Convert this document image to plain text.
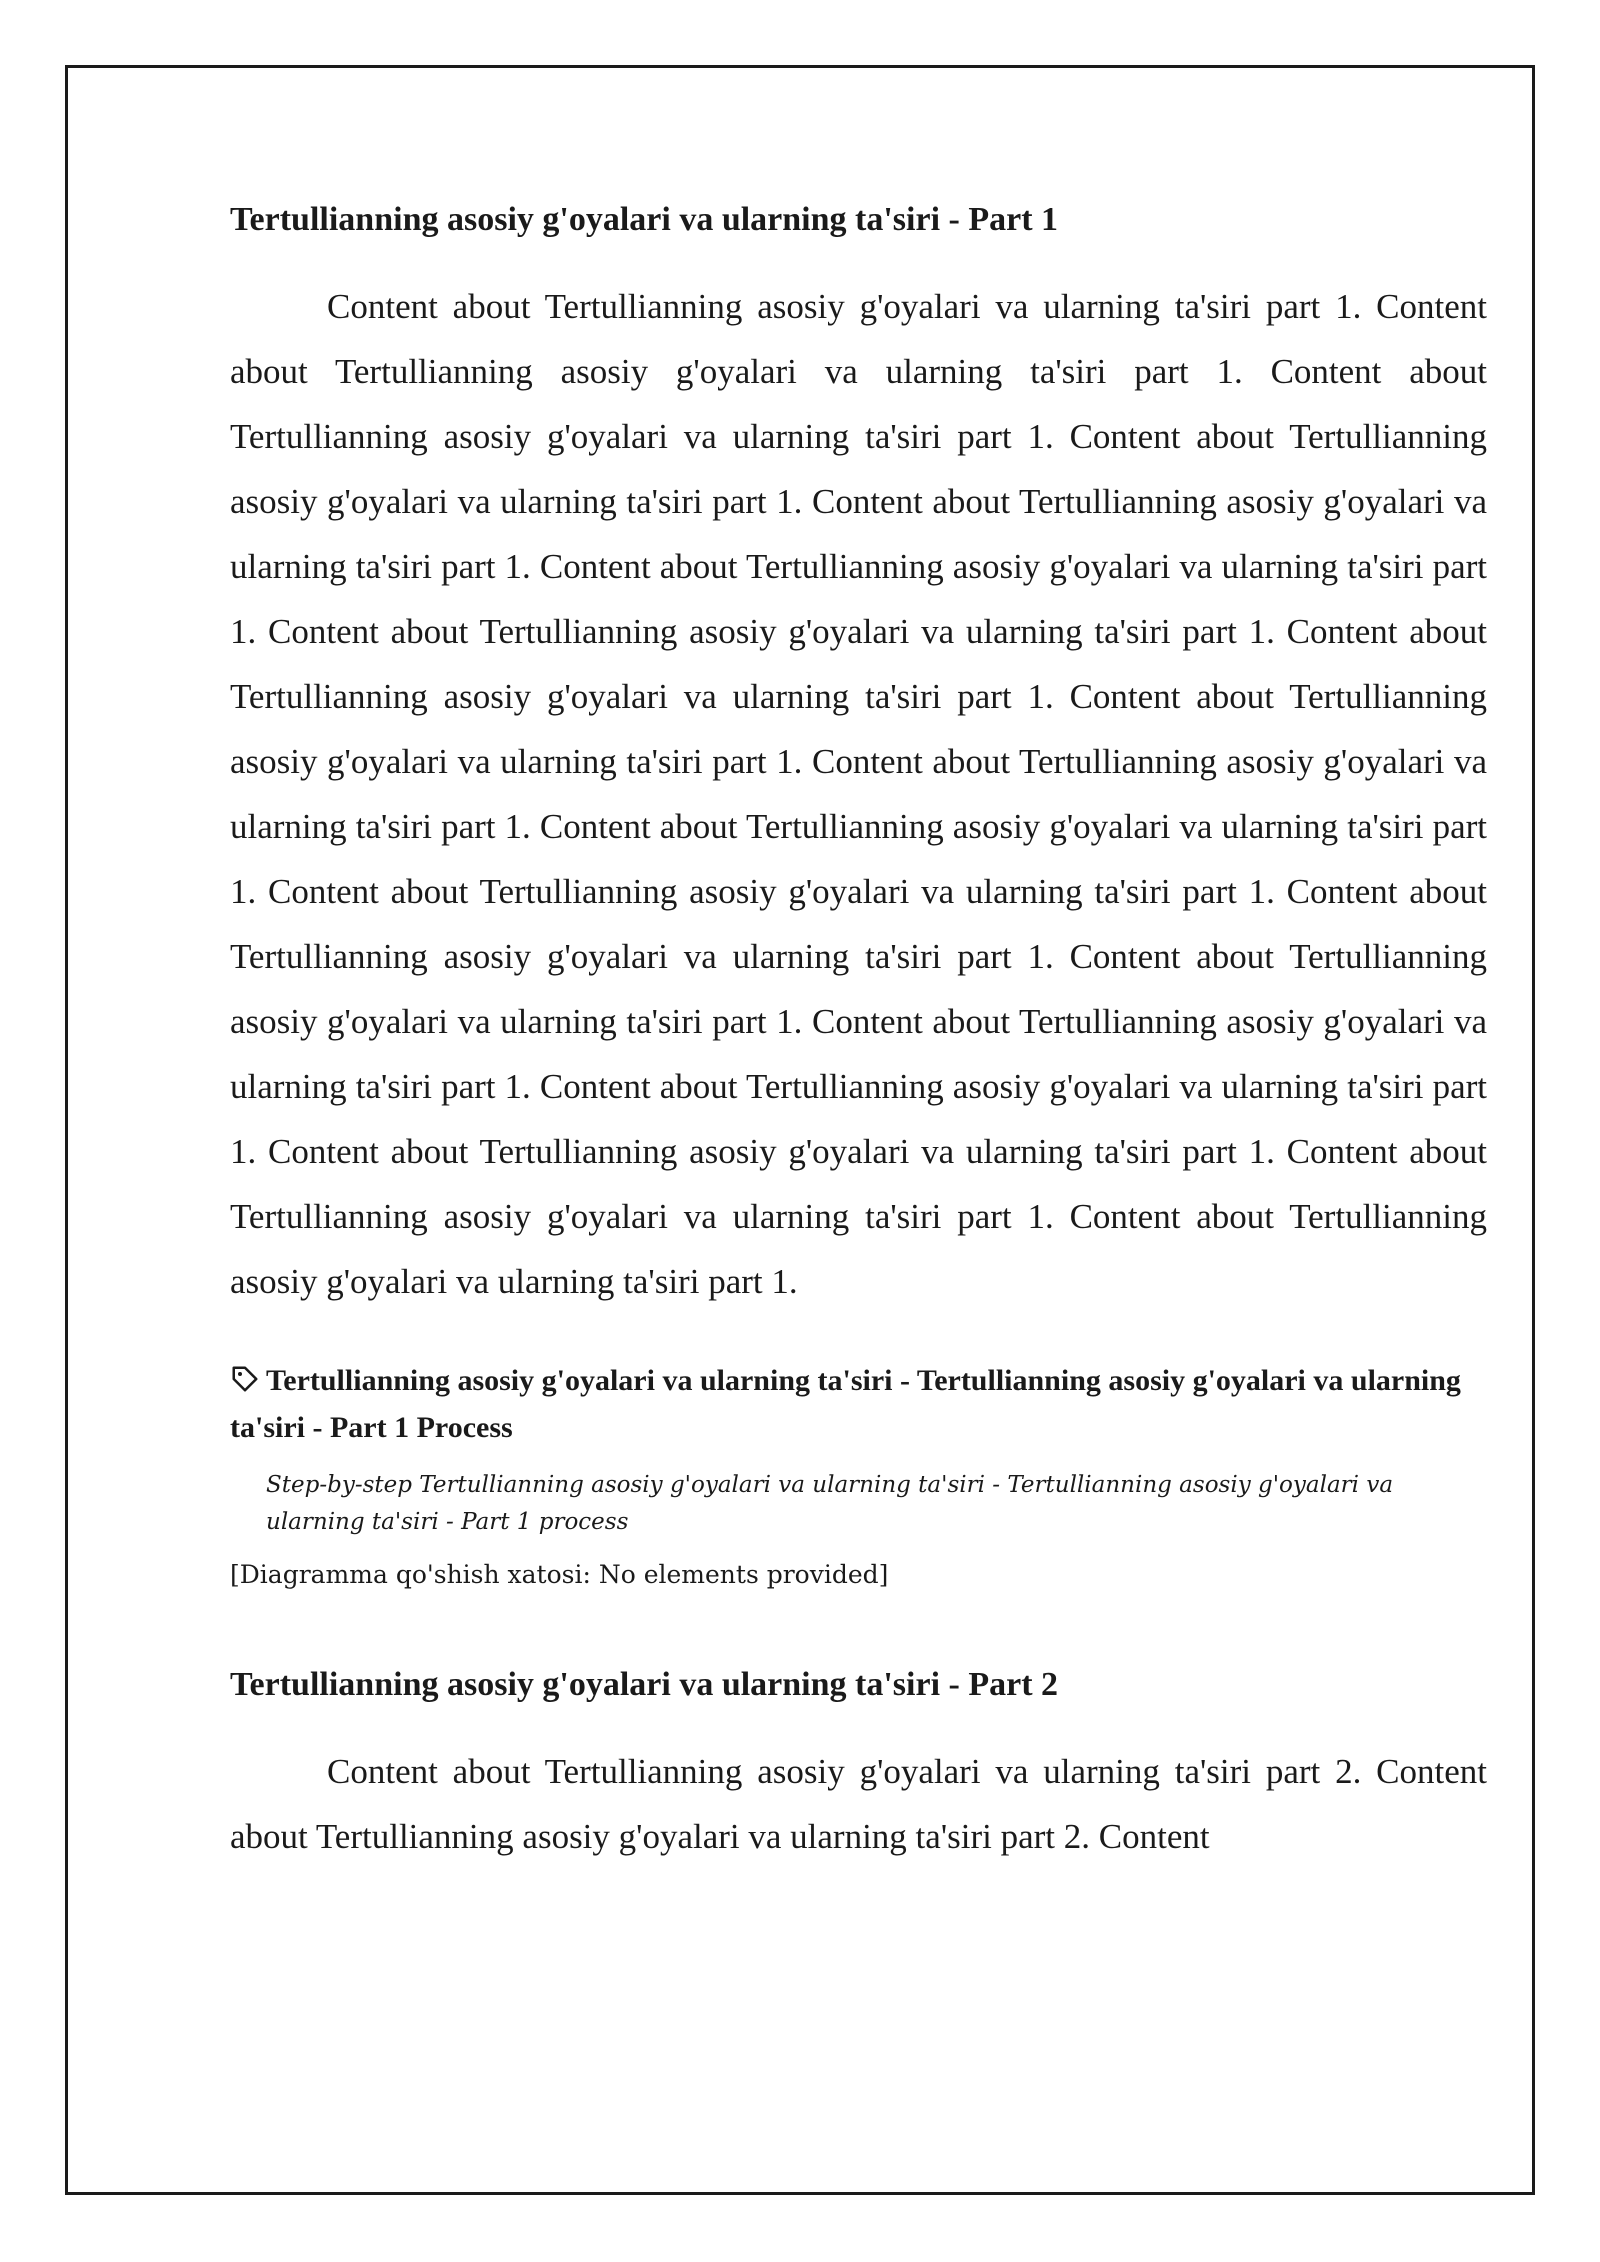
Tertullianning asosiy g'oyalari va ularning ta'siri - Part 1

Content about Tertullianning asosiy g'oyalari va ularning ta'siri part 1. Content about Tertullianning asosiy g'oyalari va ularning ta'siri part 1. Content about Tertullianning asosiy g'oyalari va ularning ta'siri part 1. Content about Tertullianning asosiy g'oyalari va ularning ta'siri part 1. Content about Tertullianning asosiy g'oyalari va ularning ta'siri part 1. Content about Tertullianning asosiy g'oyalari va ularning ta'siri part 1. Content about Tertullianning asosiy g'oyalari va ularning ta'siri part 1. Content about Tertullianning asosiy g'oyalari va ularning ta'siri part 1. Content about Tertullianning asosiy g'oyalari va ularning ta'siri part 1. Content about Tertullianning asosiy g'oyalari va ularning ta'siri part 1. Content about Tertullianning asosiy g'oyalari va ularning ta'siri part 1. Content about Tertullianning asosiy g'oyalari va ularning ta'siri part 1. Content about Tertullianning asosiy g'oyalari va ularning ta'siri part 1. Content about Tertullianning asosiy g'oyalari va ularning ta'siri part 1. Content about Tertullianning asosiy g'oyalari va ularning ta'siri part 1. Content about Tertullianning asosiy g'oyalari va ularning ta'siri part 1. Content about Tertullianning asosiy g'oyalari va ularning ta'siri part 1. Content about Tertullianning asosiy g'oyalari va ularning ta'siri part 1. Content about Tertullianning asosiy g'oyalari va ularning ta'siri part 1.

Tertullianning asosiy g'oyalari va ularning ta'siri - Tertullianning asosiy g'oyalari va ularning ta'siri - Part 1 Process

Step-by-step Tertullianning asosiy g'oyalari va ularning ta'siri - Tertullianning asosiy g'oyalari va ularning ta'siri - Part 1 process

[Diagramma qo'shish xatosi: No elements provided]

Tertullianning asosiy g'oyalari va ularning ta'siri - Part 2

Content about Tertullianning asosiy g'oyalari va ularning ta'siri part 2. Content about Tertullianning asosiy g'oyalari va ularning ta'siri part 2. Content
